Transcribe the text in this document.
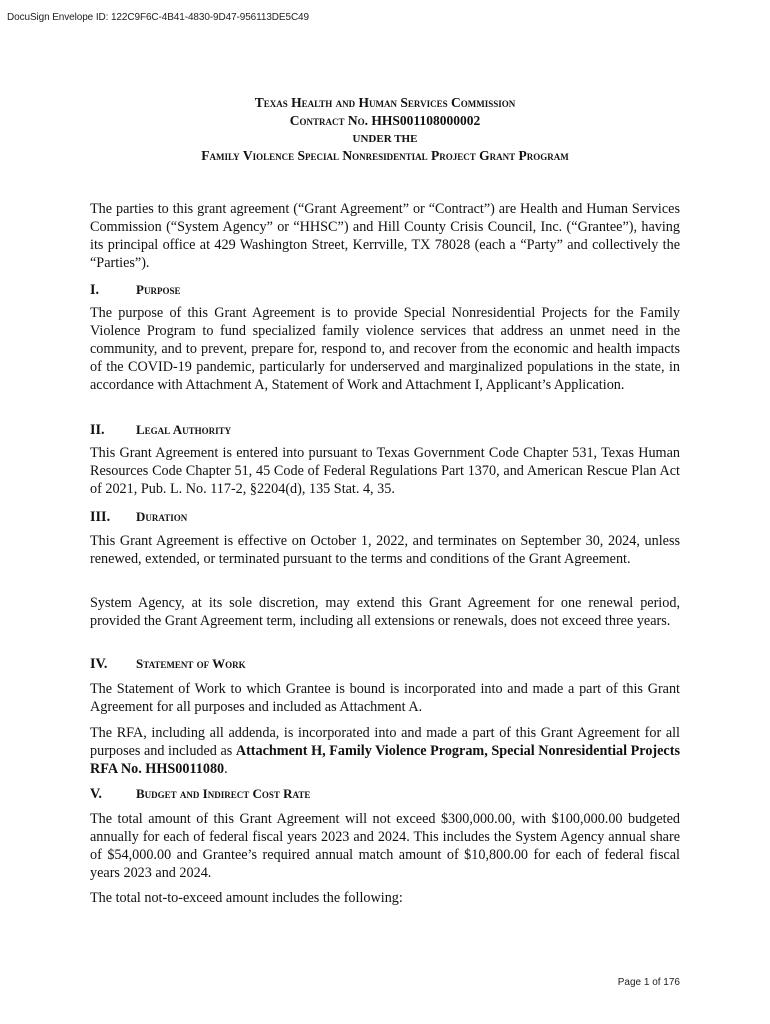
DocuSign Envelope ID: 122C9F6C-4B41-4830-9D47-956113DE5C49
Texas Health and Human Services Commission
Contract No. HHS001108000002
UNDER THE
Family Violence Special Nonresidential Project Grant Program
The parties to this grant agreement (“Grant Agreement” or “Contract”) are Health and Human Services Commission (“System Agency” or “HHSC”) and Hill County Crisis Council, Inc. (“Grantee”), having its principal office at 429 Washington Street, Kerrville, TX 78028 (each a “Party” and collectively the “Parties”).
I.	Purpose
The purpose of this Grant Agreement is to provide Special Nonresidential Projects for the Family Violence Program to fund specialized family violence services that address an unmet need in the community, and to prevent, prepare for, respond to, and recover from the economic and health impacts of the COVID-19 pandemic, particularly for underserved and marginalized populations in the state, in accordance with Attachment A, Statement of Work and Attachment I, Applicant’s Application.
II. Legal Authority
This Grant Agreement is entered into pursuant to Texas Government Code Chapter 531, Texas Human Resources Code Chapter 51, 45 Code of Federal Regulations Part 1370, and American Rescue Plan Act of 2021, Pub. L. No. 117-2, §2204(d), 135 Stat. 4, 35.
III. Duration
This Grant Agreement is effective on October 1, 2022, and terminates on September 30, 2024, unless renewed, extended, or terminated pursuant to the terms and conditions of the Grant Agreement.
System Agency, at its sole discretion, may extend this Grant Agreement for one renewal period, provided the Grant Agreement term, including all extensions or renewals, does not exceed three years.
IV. Statement of Work
The Statement of Work to which Grantee is bound is incorporated into and made a part of this Grant Agreement for all purposes and included as Attachment A.
The RFA, including all addenda, is incorporated into and made a part of this Grant Agreement for all purposes and included as Attachment H, Family Violence Program, Special Nonresidential Projects RFA No. HHS0011080.
V.	Budget and Indirect Cost Rate
The total amount of this Grant Agreement will not exceed $300,000.00, with $100,000.00 budgeted annually for each of federal fiscal years 2023 and 2024. This includes the System Agency annual share of $54,000.00 and Grantee’s required annual match amount of $10,800.00 for each of federal fiscal years 2023 and 2024.
The total not-to-exceed amount includes the following:
Page 1 of 176
